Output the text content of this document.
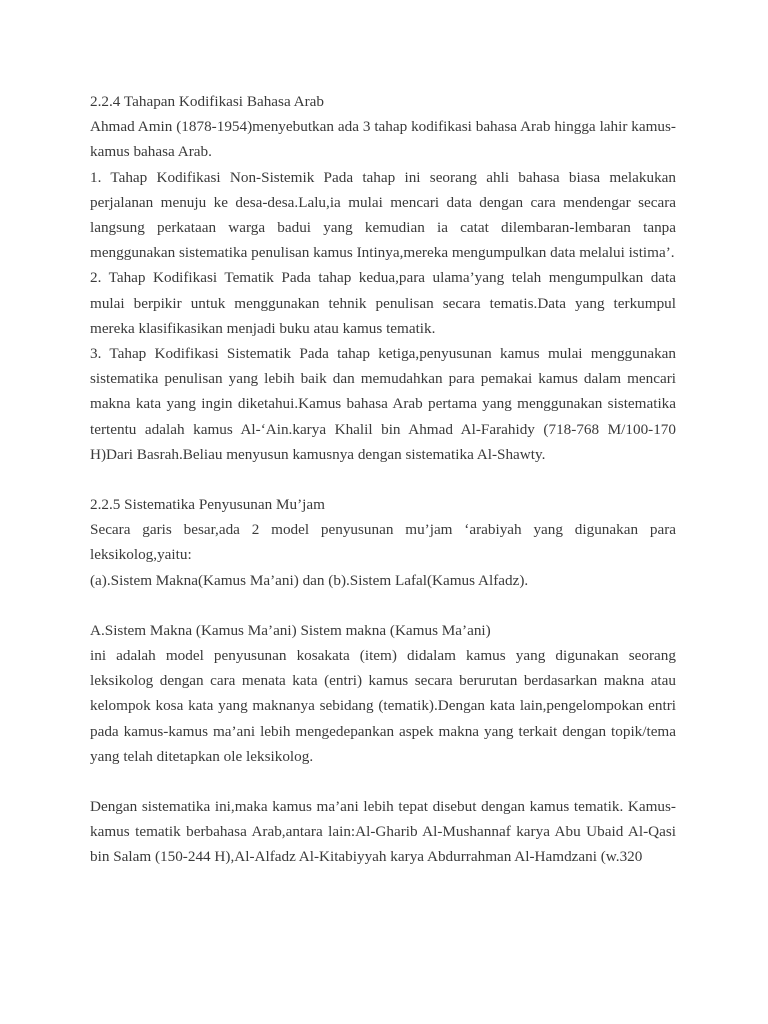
2.2.4 Tahapan Kodifikasi Bahasa Arab

Ahmad Amin (1878-1954)menyebutkan ada 3 tahap kodifikasi bahasa Arab hingga lahir kamus-kamus bahasa Arab.

1. Tahap Kodifikasi Non-Sistemik Pada tahap ini seorang ahli bahasa biasa melakukan perjalanan menuju ke desa-desa.Lalu,ia mulai mencari data dengan cara mendengar secara langsung perkataan warga badui yang kemudian ia catat dilembaran-lembaran tanpa menggunakan sistematika penulisan kamus Intinya,mereka mengumpulkan data melalui istima’.

2. Tahap Kodifikasi Tematik Pada tahap kedua,para ulama’yang telah mengumpulkan data mulai berpikir untuk menggunakan tehnik penulisan secara tematis.Data yang terkumpul mereka klasifikasikan menjadi buku atau kamus tematik.

3. Tahap Kodifikasi Sistematik Pada tahap ketiga,penyusunan kamus mulai menggunakan sistematika penulisan yang lebih baik dan memudahkan para pemakai kamus dalam mencari makna kata yang ingin diketahui.Kamus bahasa Arab pertama yang menggunakan sistematika tertentu adalah kamus Al-‘Ain.karya Khalil bin Ahmad Al-Farahidy (718-768 M/100-170 H)Dari Basrah.Beliau menyusun kamusnya dengan sistematika Al-Shawty.

2.2.5 Sistematika Penyusunan Mu’jam

Secara garis besar,ada 2 model penyusunan mu’jam ‘arabiyah yang digunakan para leksikolog,yaitu:

(a).Sistem Makna(Kamus Ma’ani) dan (b).Sistem Lafal(Kamus Alfadz).

A.Sistem Makna (Kamus Ma’ani) Sistem makna (Kamus Ma’ani)

ini adalah model penyusunan kosakata (item) didalam kamus yang digunakan seorang leksikolog dengan cara menata kata (entri) kamus secara berurutan berdasarkan makna atau kelompok kosa kata yang maknanya sebidang (tematik).Dengan kata lain,pengelompokan entri pada kamus-kamus ma’ani lebih mengedepankan aspek makna yang terkait dengan topik/tema yang telah ditetapkan ole leksikolog.

Dengan sistematika ini,maka kamus ma’ani lebih tepat disebut dengan kamus tematik. Kamus-kamus tematik berbahasa Arab,antara lain:Al-Gharib Al-Mushannaf karya Abu Ubaid Al-Qasi bin Salam (150-244 H),Al-Alfadz Al-Kitabiyyah karya Abdurrahman Al-Hamdzani (w.320
